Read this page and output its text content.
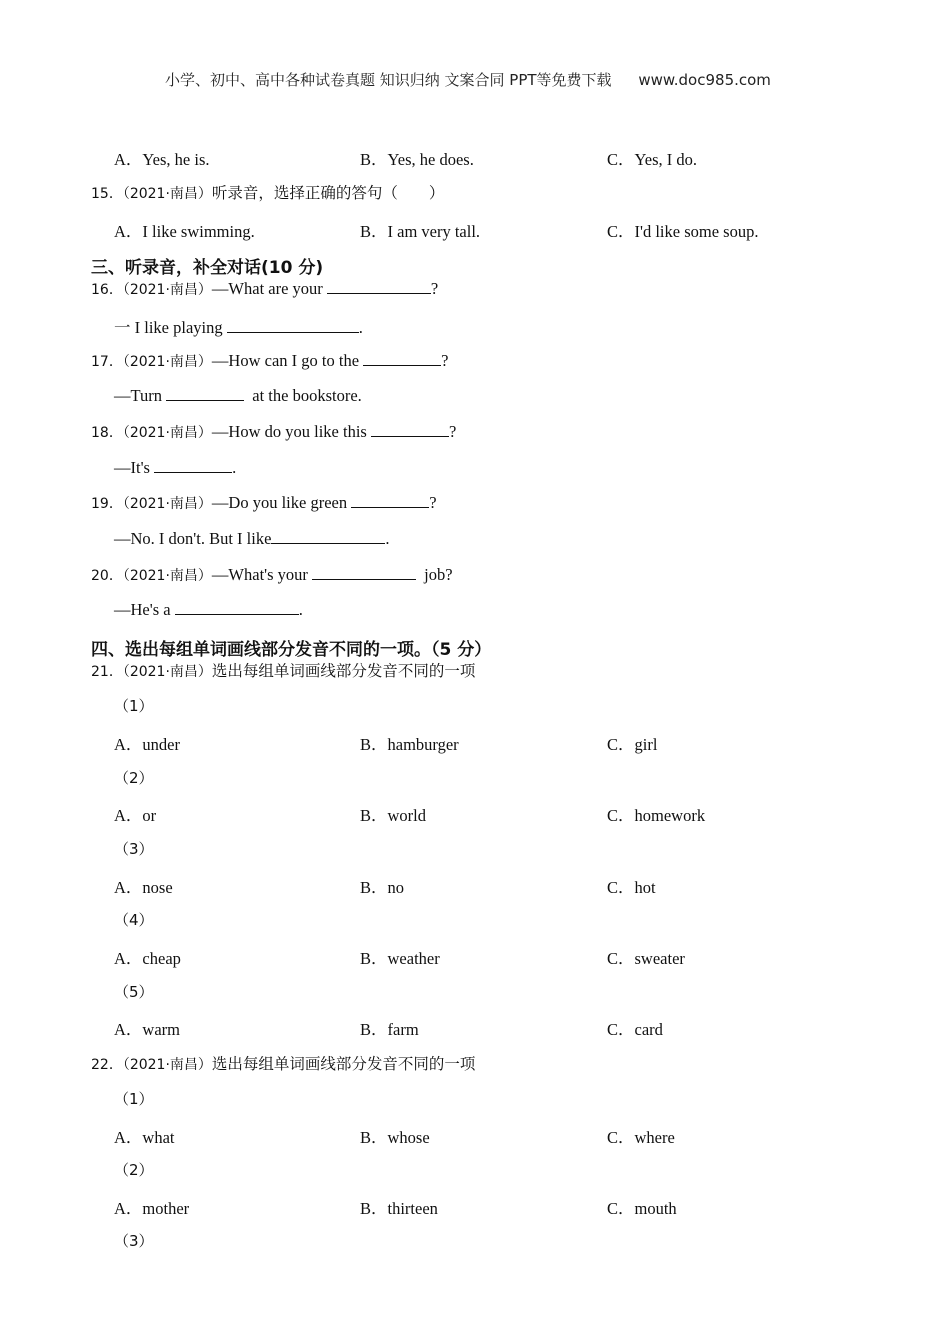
小学、初中、高中各种试卷真题 知识归纳 文案合同 PPT等免费下载 www.doc985.com
A．Yes, he is.	B．Yes, he does.	C．Yes, I do.
15．（2021·南昌）听录音，选择正确的答句（　　）
A．I like swimming.	B．I am very tall.	C．I'd like some soup.
三、听录音，补全对话(10 分)
16．（2021·南昌）—What are your	?
一 I like playing	.
17．（2021·南昌）—How can I go to the	?
—Turn	at the bookstore.
18．（2021·南昌）—How do you like this	?
—It's	.
19．（2021·南昌）—Do you like green	?
—No. I don't. But I like	.
20．（2021·南昌）—What's your	job?
—He's a	.
四、选出每组单词画线部分发音不同的一项。（5 分）
21．（2021·南昌）选出每组单词画线部分发音不同的一项
（1）
A．under	B．hamburger	C．girl
（2）
A．or	B．world	C．homework
（3）
A．nose	B．no	C．hot
（4）
A．cheap	B．weather	C．sweater
（5）
A．warm	B．farm	C．card
22．（2021·南昌）选出每组单词画线部分发音不同的一项
（1）
A．what	B．whose	C．where
（2）
A．mother	B．thirteen	C．mouth
（3）
